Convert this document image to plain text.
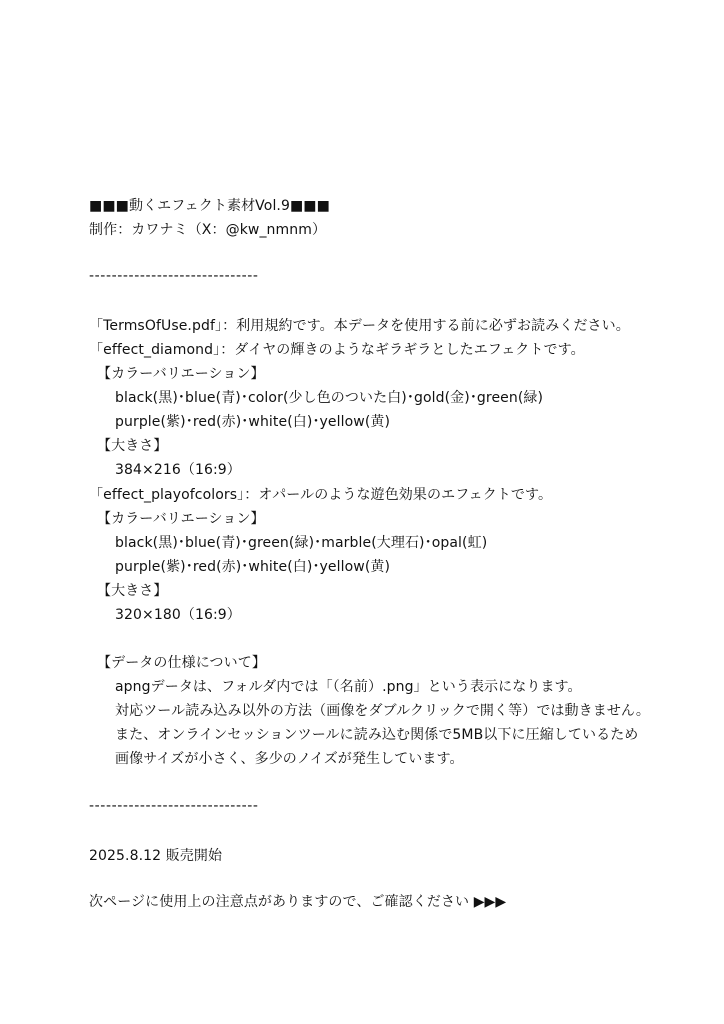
■■■動くエフェクト素材Vol.9■■■
制作：カワナミ（X：@kw_nmnm）
------------------------------
「TermsOfUse.pdf」：利用規約です。本データを使用する前に必ずお読みください。
「effect_diamond」：ダイヤの輝きのようなギラギラとしたエフェクトです。
【カラーバリエーション】
black(黒)･blue(青)･color(少し色のついた白)･gold(金)･green(緑)
purple(紫)･red(赤)･white(白)･yellow(黄)
【大きさ】
384×216（16:9）
「effect_playofcolors」：オパールのような遊色効果のエフェクトです。
【カラーバリエーション】
black(黒)･blue(青)･green(緑)･marble(大理石)･opal(虹)
purple(紫)･red(赤)･white(白)･yellow(黄)
【大きさ】
320×180（16:9）
【データの仕様について】
apngデータは、フォルダ内では「（名前）.png」という表示になります。
対応ツール読み込み以外の方法（画像をダブルクリックで開く等）では動きません。
また、オンラインセッションツールに読み込む関係で5MB以下に圧縮しているため
画像サイズが小さく、多少のノイズが発生しています。
------------------------------
2025.8.12 販売開始
次ページに使用上の注意点がありますので、ご確認ください ▶▶▶
